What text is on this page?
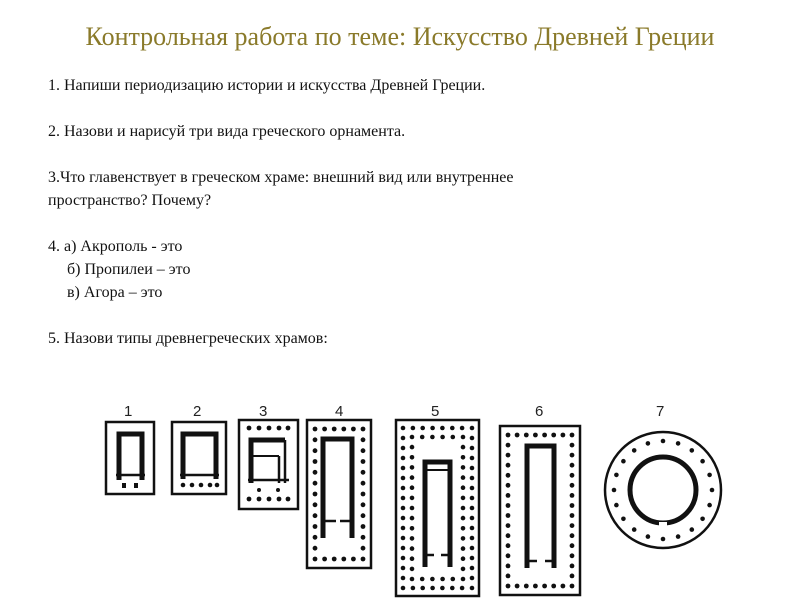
Контрольная работа по теме: Искусство Древней Греции

1. Напиши периодизацию истории и искусства Древней Греции.

2. Назови и нарисуй три вида греческого орнамента.

3.Что главенствует в греческом храме: внешний вид или внутреннее

пространство? Почему?

4. а) Акрополь - это

б) Пропилеи – это

в) Агора – это

5. Назови типы древнегреческих храмов:

1	2	3	4	5	6	7
